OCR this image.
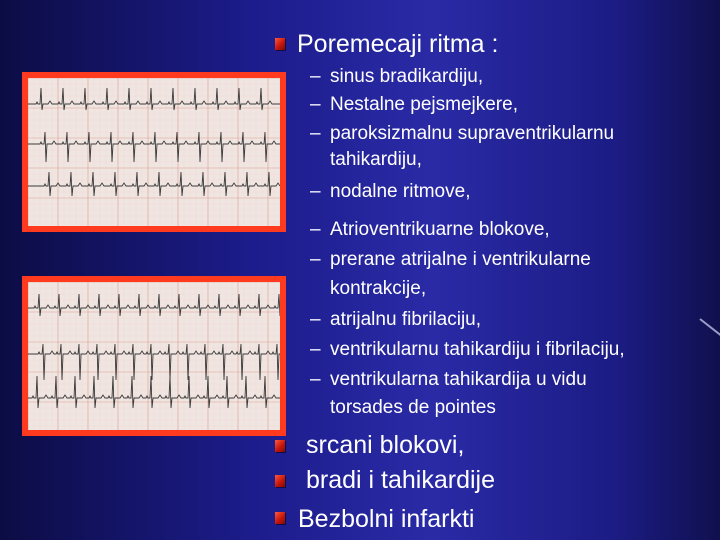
Poremecaji ritma :
– sinus bradikardiju,
– Nestalne pejsmejkere,
– paroksizmalnu supraventrikularnu
tahikardiju,
– nodalne ritmove,
– Atrioventrikuarne blokove,
– prerane atrijalne i ventrikularne
kontrakcije,
– atrijalnu fibrilaciju,
– ventrikularnu tahikardiju i fibrilaciju,
– ventrikularna tahikardija u vidu
torsades de pointes
srcani blokovi,
bradi i tahikardije
Bezbolni infarkti
